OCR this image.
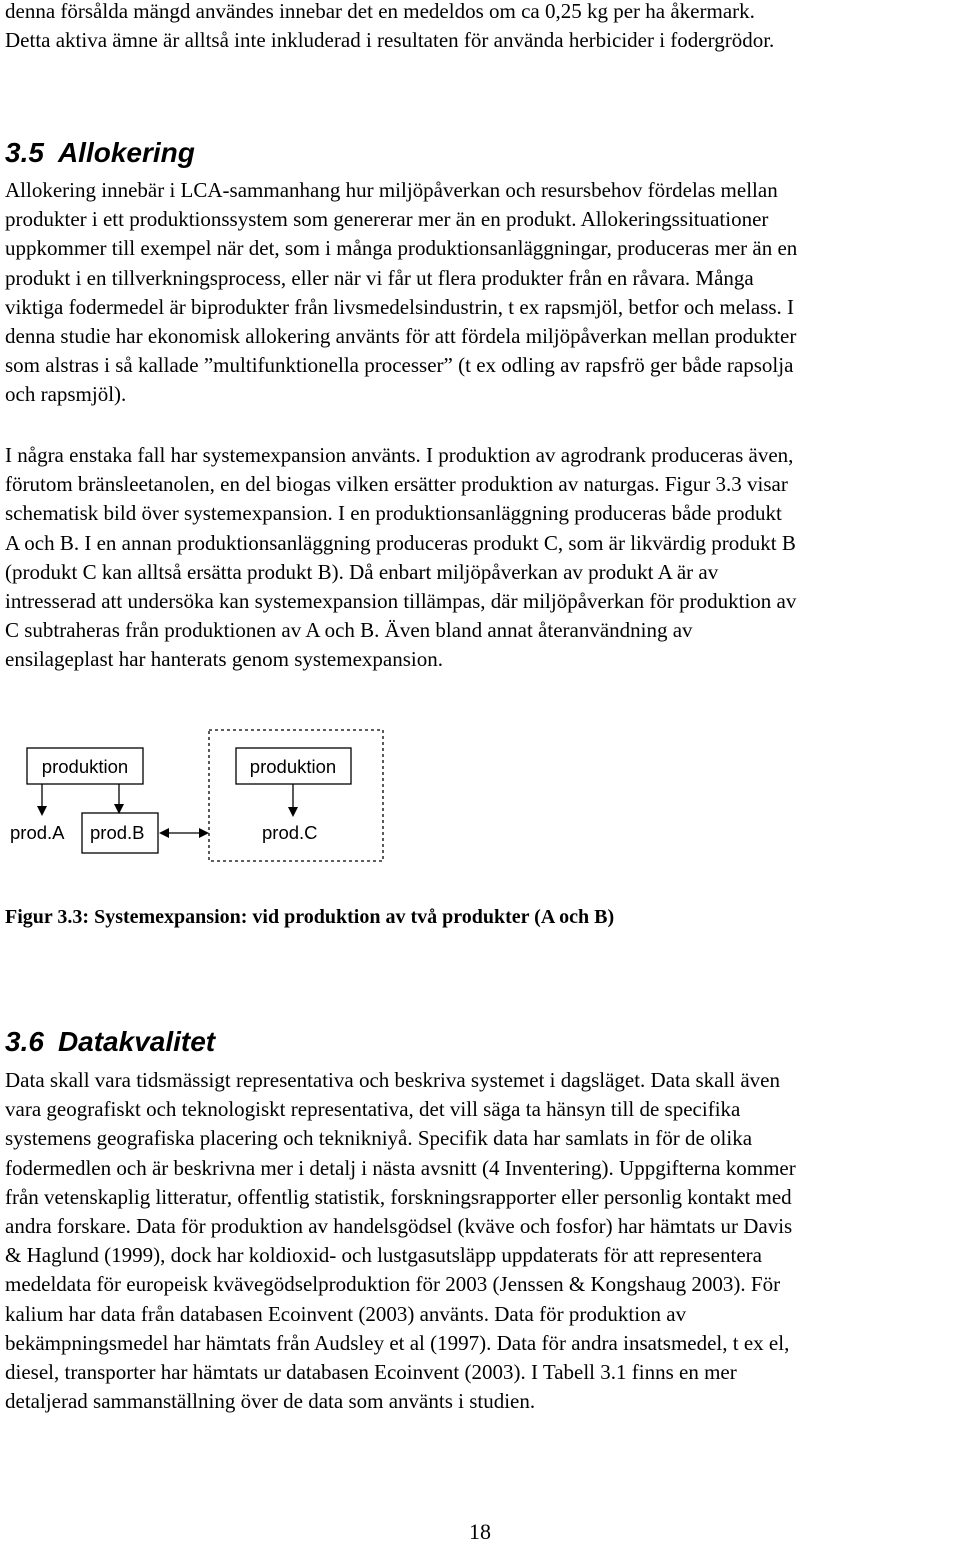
denna försålda mängd användes innebar det en medeldos om ca 0,25 kg per ha åkermark.
Detta aktiva ämne är alltså inte inkluderad i resultaten för använda herbicider i fodergrödor.
3.5 Allokering
Allokering innebär i LCA-sammanhang hur miljöpåverkan och resursbehov fördelas mellan
produkter i ett produktionssystem som genererar mer än en produkt. Allokeringssituationer
uppkommer till exempel när det, som i många produktionsanläggningar, produceras mer än en
produkt i en tillverkningsprocess, eller när vi får ut flera produkter från en råvara. Många
viktiga fodermedel är biprodukter från livsmedelsindustrin, t ex rapsmjöl, betfor och melass. I
denna studie har ekonomisk allokering använts för att fördela miljöpåverkan mellan produkter
som alstras i så kallade ”multifunktionella processer” (t ex odling av rapsfrö ger både rapsolja
och rapsmjöl).
I några enstaka fall har systemexpansion använts. I produktion av agrodrank produceras även,
förutom bränsleetanolen, en del biogas vilken ersätter produktion av naturgas. Figur 3.3 visar
schematisk bild över systemexpansion. I en produktionsanläggning produceras både produkt
A och B. I en annan produktionsanläggning produceras produkt C, som är likvärdig produkt B
(produkt C kan alltså ersätta produkt B). Då enbart miljöpåverkan av produkt A är av
intresserad att undersöka kan systemexpansion tillämpas, där miljöpåverkan för produktion av
C subtraheras från produktionen av A och B. Även bland annat återanvändning av
ensilageplast har hanterats genom systemexpansion.
produktion	produktion
prod.A prod.B	prod.C
Figur 3.3: Systemexpansion: vid produktion av två produkter (A och B)
3.6 Datakvalitet
Data skall vara tidsmässigt representativa och beskriva systemet i dagsläget. Data skall även
vara geografiskt och teknologiskt representativa, det vill säga ta hänsyn till de specifika
systemens geografiska placering och teknikniyå. Specifik data har samlats in för de olika
fodermedlen och är beskrivna mer i detalj i nästa avsnitt (4 Inventering). Uppgifterna kommer
från vetenskaplig litteratur, offentlig statistik, forskningsrapporter eller personlig kontakt med
andra forskare. Data för produktion av handelsgödsel (kväve och fosfor) har hämtats ur Davis
& Haglund (1999), dock har koldioxid- och lustgasutsläpp uppdaterats för att representera
medeldata för europeisk kvävegödselproduktion för 2003 (Jenssen & Kongshaug 2003). För
kalium har data från databasen Ecoinvent (2003) använts. Data för produktion av
bekämpningsmedel har hämtats från Audsley et al (1997). Data för andra insatsmedel, t ex el,
diesel, transporter har hämtats ur databasen Ecoinvent (2003). I Tabell 3.1 finns en mer
detaljerad sammanställning över de data som använts i studien.
18
